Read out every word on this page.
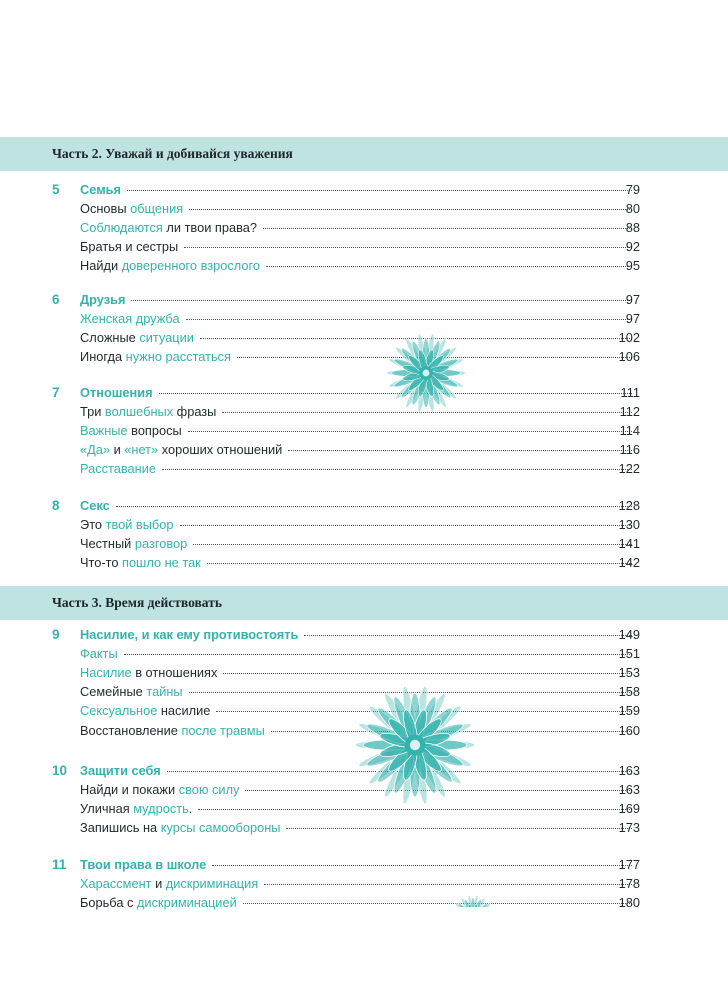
Часть 2. Уважай и добивайся уважения
5	Семья	79
Основы общения	80
Соблюдаются ли твои права?	88
Братья и сестры	92
Найди доверенного взрослого	95
6	Друзья	97
Женская дружба	97
Сложные ситуации	102
Иногда нужно расстаться	106
7	Отношения	111
Три волшебных фразы	112
Важные вопросы	114
«Да» и «нет» хороших отношений	116
Расставание	122
8	Секс	128
Это твой выбор	130
Честный разговор	141
Что-то пошло не так	142
Часть 3. Время действовать
9	Насилие, и как ему противостоять	149
Факты	151
Насилие в отношениях	153
Семейные тайны	158
Сексуальное насилие	159
Восстановление после травмы	160
10	Защити себя	163
Найди и покажи свою силу	163
Уличная мудрость.	169
Запишись на курсы самообороны	173
11	Твои права в школе	177
Харассмент и дискриминация	178
Борьба с дискриминацией	180
